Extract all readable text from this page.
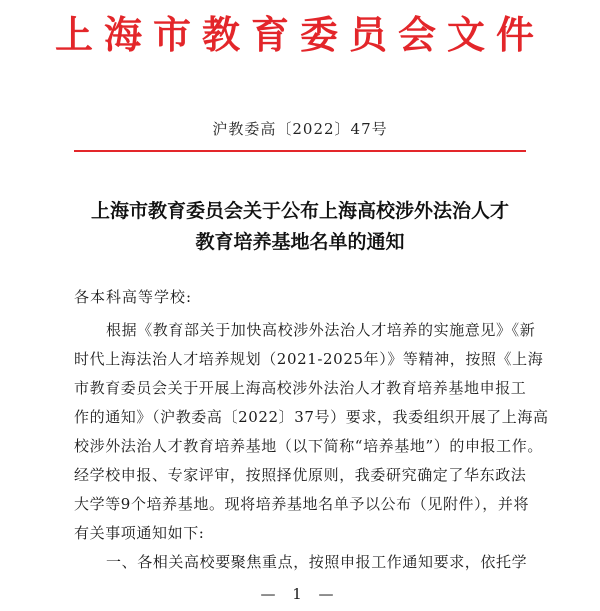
上海市教育委员会文件
沪教委高〔2022〕47号
上海市教育委员会关于公布上海高校涉外法治人才
教育培养基地名单的通知
各本科高等学校:
根据《教育部关于加快高校涉外法治人才培养的实施意见》《新
时代上海法治人才培养规划（2021-2025年）》等精神，按照《上海
市教育委员会关于开展上海高校涉外法治人才教育培养基地申报工
作的通知》（沪教委高〔2022〕37号）要求，我委组织开展了上海高
校涉外法治人才教育培养基地（以下简称“培养基地”）的申报工作。
经学校申报、专家评审，按照择优原则，我委研究确定了华东政法
大学等9个培养基地。现将培养基地名单予以公布（见附件），并将
有关事项通知如下:
一、各相关高校要聚焦重点，按照申报工作通知要求，依托学
— 1 —
